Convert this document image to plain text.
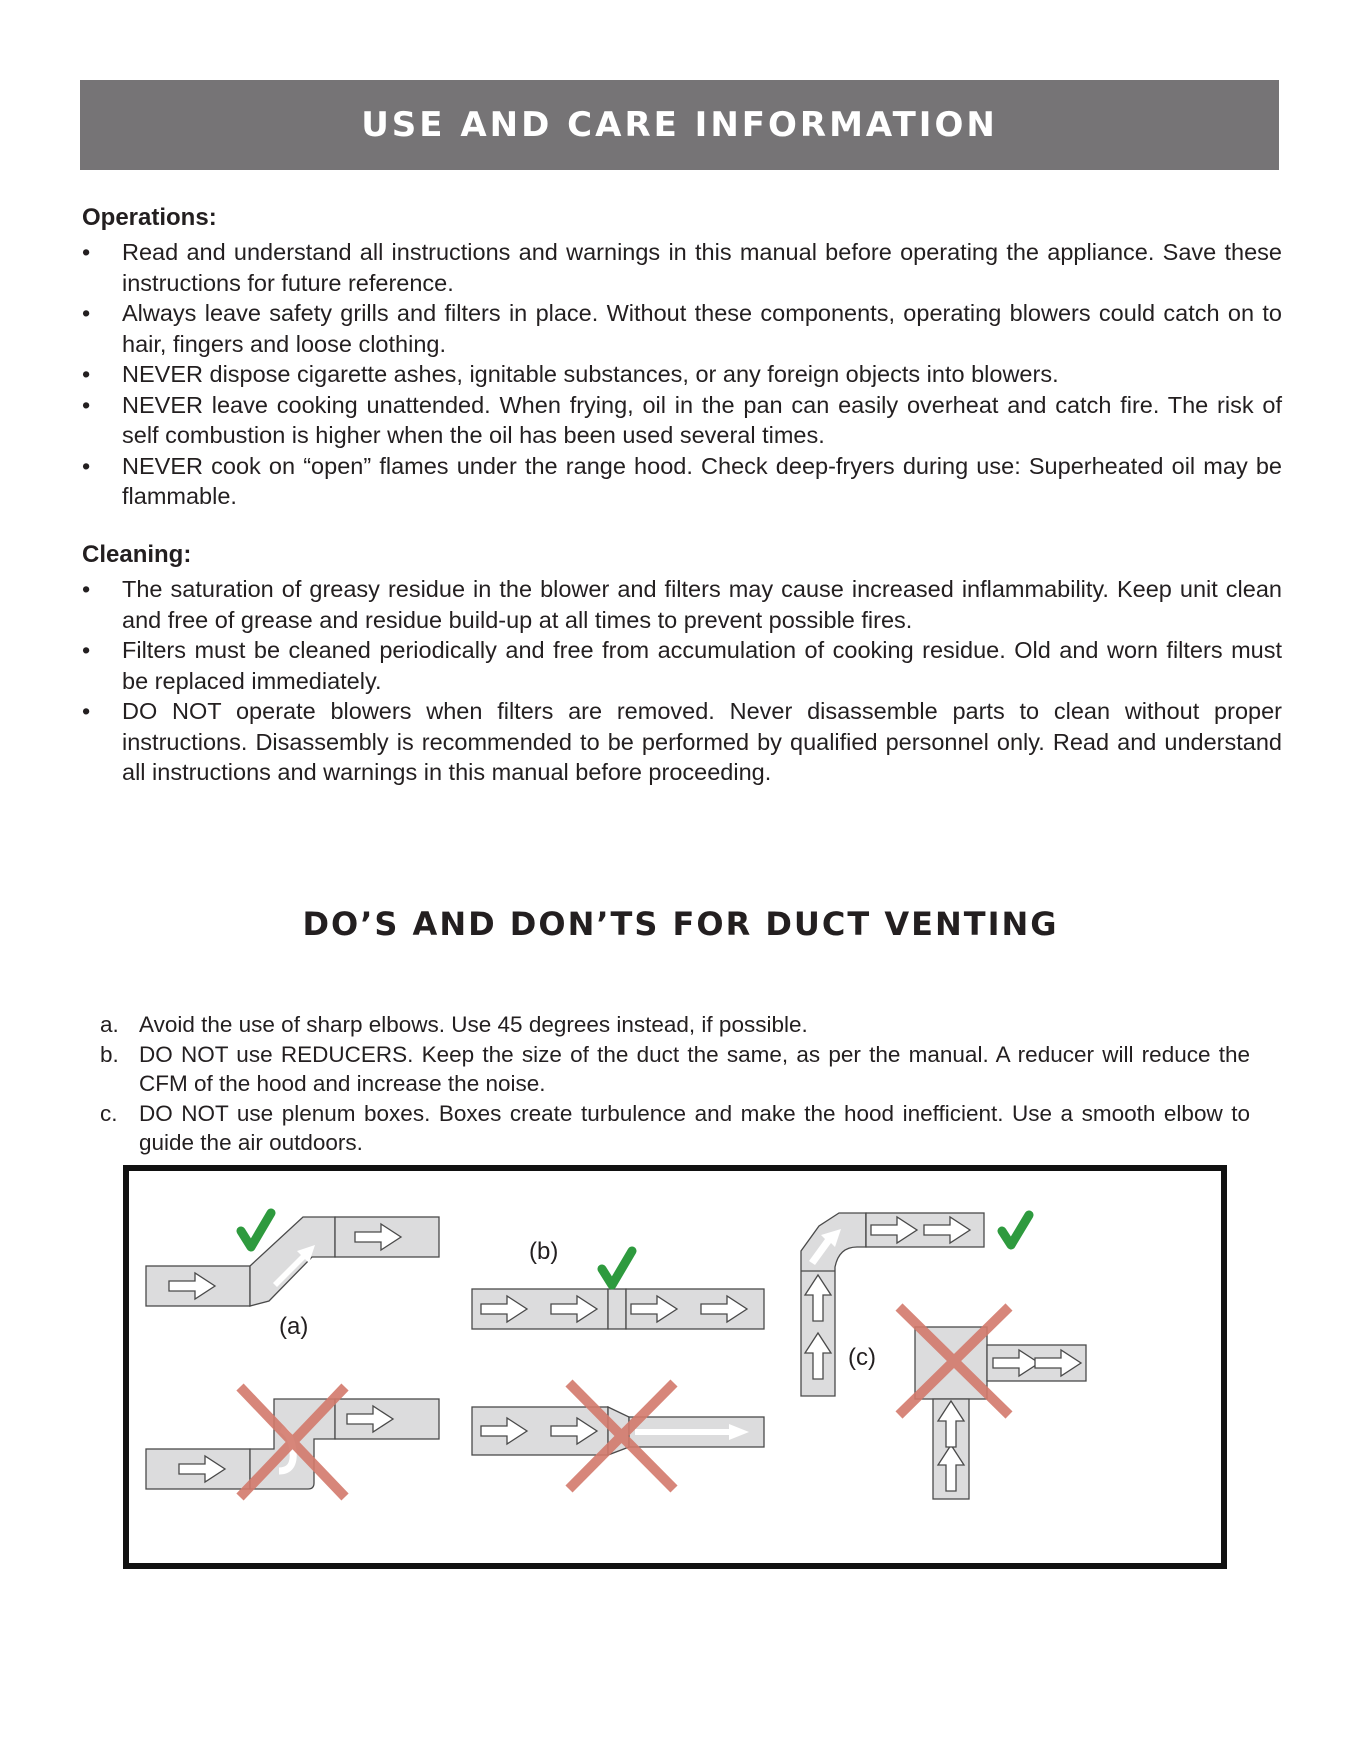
USE AND CARE INFORMATION
Operations:
• Read and understand all instructions and warnings in this manual before operating the appliance. Save these instructions for future reference.
• Always leave safety grills and filters in place. Without these components, operating blowers could catch on to hair, fingers and loose clothing.
• NEVER dispose cigarette ashes, ignitable substances, or any foreign objects into blowers.
• NEVER leave cooking unattended. When frying, oil in the pan can easily overheat and catch fire. The risk of self combustion is higher when the oil has been used several times.
• NEVER cook on “open” flames under the range hood. Check deep-fryers during use: Superheated oil may be flammable.
Cleaning:
• The saturation of greasy residue in the blower and filters may cause increased inflammability. Keep unit clean and free of grease and residue build-up at all times to prevent possible fires.
• Filters must be cleaned periodically and free from accumulation of cooking residue. Old and worn filters must be replaced immediately.
• DO NOT operate blowers when filters are removed. Never disassemble parts to clean without proper instructions. Disassembly is recommended to be performed by qualified personnel only. Read and understand all instructions and warnings in this manual before proceeding.
DO’S AND DON’TS FOR DUCT VENTING
a. Avoid the use of sharp elbows. Use 45 degrees instead, if possible.
b. DO NOT use REDUCERS. Keep the size of the duct the same, as per the manual. A reducer will reduce the CFM of the hood and increase the noise.
c. DO NOT use plenum boxes. Boxes create turbulence and make the hood inefficient. Use a smooth elbow to guide the air outdoors.
(a)
(b)
(c)
